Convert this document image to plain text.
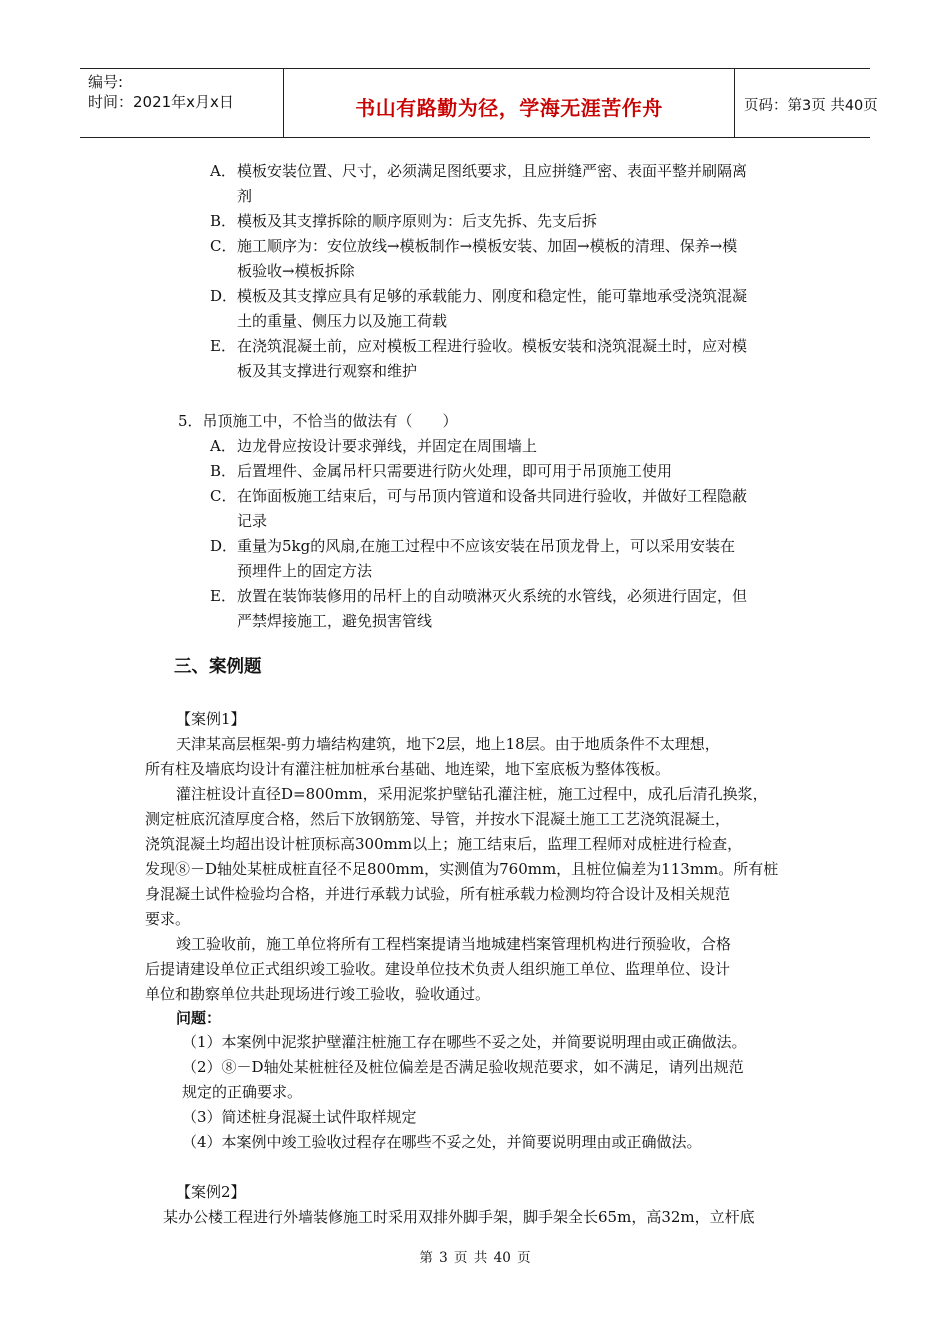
编号:
时间：2021年x月x日	书山有路勤为径，学海无涯苦作舟	页码：第3页 共40页
A． 模板安装位置、尺寸，必须满足图纸要求，且应拼缝严密、表面平整并刷隔离
剂
B． 模板及其支撑拆除的顺序原则为：后支先拆、先支后拆
C． 施工顺序为：安位放线→模板制作→模板安装、加固→模板的清理、保养→模
板验收→模板拆除
D． 模板及其支撑应具有足够的承载能力、刚度和稳定性，能可靠地承受浇筑混凝
土的重量、侧压力以及施工荷载
E． 在浇筑混凝土前，应对模板工程进行验收。模板安装和浇筑混凝土时，应对模
板及其支撑进行观察和维护
5．吊顶施工中，不恰当的做法有（　　）
A． 边龙骨应按设计要求弹线，并固定在周围墙上
B． 后置埋件、金属吊杆只需要进行防火处理，即可用于吊顶施工使用
C． 在饰面板施工结束后，可与吊顶内管道和设备共同进行验收，并做好工程隐蔽
记录
D． 重量为5kg的风扇,在施工过程中不应该安装在吊顶龙骨上，可以采用安装在
预埋件上的固定方法
E． 放置在装饰装修用的吊杆上的自动喷淋灭火系统的水管线，必须进行固定，但
严禁焊接施工，避免损害管线
三、案例题
【案例1】
天津某高层框架-剪力墙结构建筑，地下2层，地上18层。由于地质条件不太理想，
所有柱及墙底均设计有灌注桩加桩承台基础、地连梁，地下室底板为整体筏板。
灌注桩设计直径D=800mm，采用泥浆护壁钻孔灌注桩，施工过程中，成孔后清孔换浆，
测定桩底沉渣厚度合格，然后下放钢筋笼、导管，并按水下混凝土施工工艺浇筑混凝土，
浇筑混凝土均超出设计桩顶标高300mm以上；施工结束后，监理工程师对成桩进行检查，
发现⑧－D轴处某桩成桩直径不足800mm，实测值为760mm，且桩位偏差为113mm。所有桩
身混凝土试件检验均合格，并进行承载力试验，所有桩承载力检测均符合设计及相关规范
要求。
竣工验收前，施工单位将所有工程档案提请当地城建档案管理机构进行预验收，合格
后提请建设单位正式组织竣工验收。建设单位技术负责人组织施工单位、监理单位、设计
单位和勘察单位共赴现场进行竣工验收，验收通过。
问题：
（1）本案例中泥浆护壁灌注桩施工存在哪些不妥之处，并简要说明理由或正确做法。
（2）⑧－D轴处某桩桩径及桩位偏差是否满足验收规范要求，如不满足，请列出规范
规定的正确要求。
（3）简述桩身混凝土试件取样规定
（4）本案例中竣工验收过程存在哪些不妥之处，并简要说明理由或正确做法。
【案例2】
某办公楼工程进行外墙装修施工时采用双排外脚手架，脚手架全长65m，高32m，立杆底
第 3 页 共 40 页
